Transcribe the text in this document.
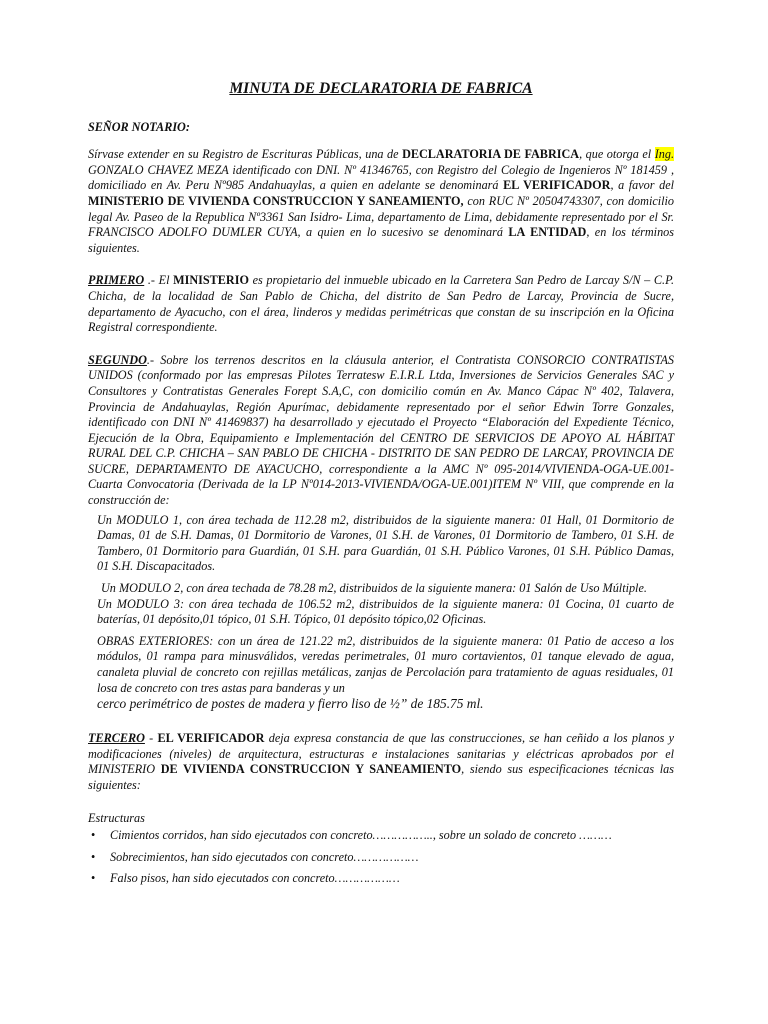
MINUTA DE DECLARATORIA DE FABRICA
SEÑOR NOTARIO:

Sírvase extender en su Registro de Escrituras Públicas, una de DECLARATORIA DE FABRICA, que otorga el Ing. GONZALO CHAVEZ MEZA identificado con DNI. Nº 41346765, con Registro del Colegio de Ingenieros Nº 181459 , domiciliado en Av. Peru Nº985 Andahuaylas, a quien en adelante se denominará EL VERIFICADOR, a favor del MINISTERIO DE VIVIENDA CONSTRUCCION Y SANEAMIENTO, con RUC Nº 20504743307, con domicilio legal Av. Paseo de la Republica Nº3361 San Isidro- Lima, departamento de Lima, debidamente representado por el Sr. FRANCISCO ADOLFO DUMLER CUYA, a quien en lo sucesivo se denominará LA ENTIDAD, en los términos siguientes.

PRIMERO .- El MINISTERIO es propietario del inmueble ubicado en la Carretera San Pedro de Larcay S/N – C.P. Chicha, de la localidad de San Pablo de Chicha, del distrito de San Pedro de Larcay, Provincia de Sucre, departamento de Ayacucho, con el área, linderos y medidas perimétricas que constan de su inscripción en la Oficina Registral correspondiente.

SEGUNDO.- Sobre los terrenos descritos en la cláusula anterior, el Contratista CONSORCIO CONTRATISTAS UNIDOS (conformado por las empresas Pilotes Terratesw E.I.R.L Ltda, Inversiones de Servicios Generales SAC y Consultores y Contratistas Generales Forept S.A,C, con domicilio común en Av. Manco Cápac Nº 402, Talavera, Provincia de Andahuaylas, Región Apurímac, debidamente representado por el señor Edwin Torre Gonzales, identificado con DNI Nº 41469837) ha desarrollado y ejecutado el Proyecto “Elaboración del Expediente Técnico, Ejecución de la Obra, Equipamiento e Implementación del CENTRO DE SERVICIOS DE APOYO AL HÁBITAT RURAL DEL C.P. CHICHA – SAN PABLO DE CHICHA - DISTRITO DE SAN PEDRO DE LARCAY, PROVINCIA DE SUCRE, DEPARTAMENTO DE AYACUCHO, correspondiente a la AMC Nº 095-2014/VIVIENDA-OGA-UE.001-Cuarta Convocatoria (Derivada de la LP Nº014-2013-VIVIENDA/OGA-UE.001)ITEM Nº VIII, que comprende en la construcción de:

Un MODULO 1, con área techada de 112.28 m2, distribuidos de la siguiente manera: 01 Hall, 01 Dormitorio de Damas, 01 de S.H. Damas, 01 Dormitorio de Varones, 01 S.H. de Varones, 01 Dormitorio de Tambero, 01 S.H. de Tambero, 01 Dormitorio para Guardián, 01 S.H. para Guardián, 01 S.H. Público Varones, 01 S.H. Público Damas, 01 S.H. Discapacitados.

Un MODULO 2, con área techada de 78.28 m2, distribuidos de la siguiente manera: 01 Salón de Uso Múltiple.

Un MODULO 3: con área techada de 106.52 m2, distribuidos de la siguiente manera: 01 Cocina, 01 cuarto de baterías, 01 depósito,01 tópico, 01 S.H. Tópico, 01 depósito tópico,02 Oficinas.

OBRAS EXTERIORES: con un área de 121.22 m2, distribuidos de la siguiente manera: 01 Patio de acceso a los módulos, 01 rampa para minusválidos, veredas perimetrales, 01 muro cortavientos, 01 tanque elevado de agua, canaleta pluvial de concreto con rejillas metálicas, zanjas de Percolación para tratamiento de aguas residuales, 01 losa de concreto con tres astas para banderas y un

cerco perimétrico de postes de madera y fierro liso de ½” de 185.75 ml.

TERCERO - EL VERIFICADOR deja expresa constancia de que las construcciones, se han ceñido a los planos y modificaciones (niveles) de arquitectura, estructuras e instalaciones sanitarias y eléctricas aprobados por el MINISTERIO DE VIVIENDA CONSTRUCCION Y SANEAMIENTO, siendo sus especificaciones técnicas las siguientes:

Estructuras
• Cimientos corridos, han sido ejecutados con concreto…………….., sobre un solado de concreto ………
• Sobrecimientos, han sido ejecutados con concreto………………
• Falso pisos, han sido ejecutados con concreto………………
